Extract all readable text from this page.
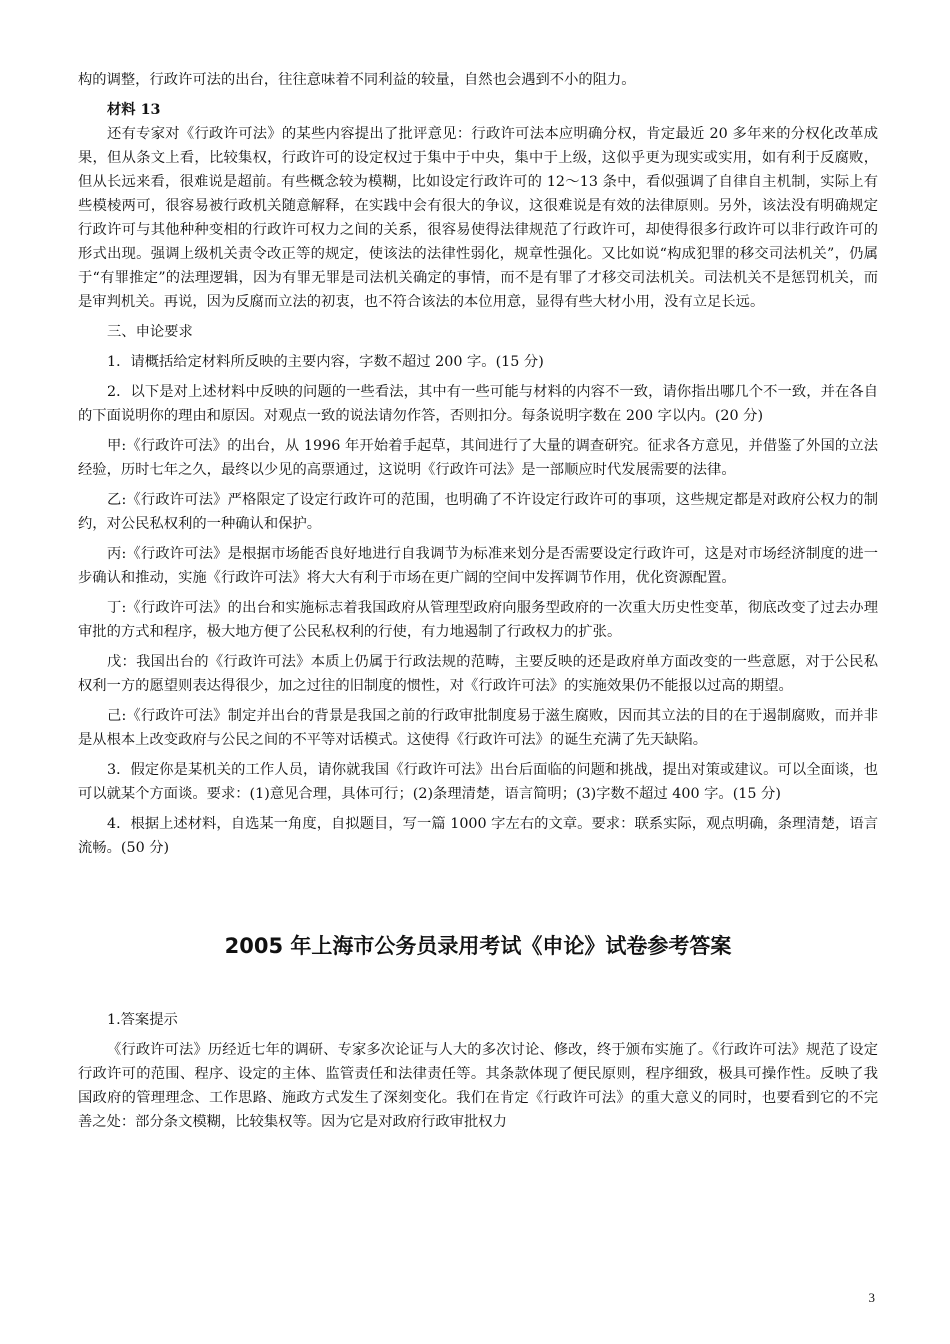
构的调整，行政许可法的出台，往往意味着不同利益的较量，自然也会遇到不小的阻力。

材料 13

还有专家对《行政许可法》的某些内容提出了批评意见：行政许可法本应明确分权，肯定最近 20 多年来的分权化改革成果，但从条文上看，比较集权，行政许可的设定权过于集中于中央，集中于上级，这似乎更为现实或实用，如有利于反腐败，但从长远来看，很难说是超前。有些概念较为模糊，比如设定行政许可的 12～13 条中，看似强调了自律自主机制，实际上有些模棱两可，很容易被行政机关随意解释，在实践中会有很大的争议，这很难说是有效的法律原则。另外，该法没有明确规定行政许可与其他种种变相的行政许可权力之间的关系，很容易使得法律规范了行政许可，却使得很多行政许可以非行政许可的形式出现。强调上级机关责令改正等的规定，使该法的法律性弱化，规章性强化。又比如说“构成犯罪的移交司法机关”，仍属于“有罪推定”的法理逻辑，因为有罪无罪是司法机关确定的事情，而不是有罪了才移交司法机关。司法机关不是惩罚机关，而是审判机关。再说，因为反腐而立法的初衷，也不符合该法的本位用意，显得有些大材小用，没有立足长远。

三、申论要求

1．请概括给定材料所反映的主要内容，字数不超过 200 字。(15 分)

2．以下是对上述材料中反映的问题的一些看法，其中有一些可能与材料的内容不一致，请你指出哪几个不一致，并在各自的下面说明你的理由和原因。对观点一致的说法请勿作答，否则扣分。每条说明字数在 200 字以内。(20 分)

甲:《行政许可法》的出台，从 1996 年开始着手起草，其间进行了大量的调查研究。征求各方意见，并借鉴了外国的立法经验，历时七年之久，最终以少见的高票通过，这说明《行政许可法》是一部顺应时代发展需要的法律。

乙:《行政许可法》严格限定了设定行政许可的范围，也明确了不许设定行政许可的事项，这些规定都是对政府公权力的制约，对公民私权利的一种确认和保护。

丙:《行政许可法》是根据市场能否良好地进行自我调节为标准来划分是否需要设定行政许可，这是对市场经济制度的进一步确认和推动，实施《行政许可法》将大大有利于市场在更广阔的空间中发挥调节作用，优化资源配置。

丁:《行政许可法》的出台和实施标志着我国政府从管理型政府向服务型政府的一次重大历史性变革，彻底改变了过去办理审批的方式和程序，极大地方便了公民私权利的行使，有力地遏制了行政权力的扩张。

戊：我国出台的《行政许可法》本质上仍属于行政法规的范畴，主要反映的还是政府单方面改变的一些意愿，对于公民私权利一方的愿望则表达得很少，加之过往的旧制度的惯性，对《行政许可法》的实施效果仍不能报以过高的期望。

己:《行政许可法》制定并出台的背景是我国之前的行政审批制度易于滋生腐败，因而其立法的目的在于遏制腐败，而并非是从根本上改变政府与公民之间的不平等对话模式。这使得《行政许可法》的诞生充满了先天缺陷。

3．假定你是某机关的工作人员，请你就我国《行政许可法》出台后面临的问题和挑战，提出对策或建议。可以全面谈，也可以就某个方面谈。要求：(1)意见合理，具体可行；(2)条理清楚，语言简明；(3)字数不超过 400 字。(15 分)

4．根据上述材料，自选某一角度，自拟题目，写一篇 1000 字左右的文章。要求：联系实际，观点明确，条理清楚，语言流畅。(50 分)

2005 年上海市公务员录用考试《申论》试卷参考答案

1.答案提示

《行政许可法》历经近七年的调研、专家多次论证与人大的多次讨论、修改，终于颁布实施了。《行政许可法》规范了设定行政许可的范围、程序、设定的主体、监管责任和法律责任等。其条款体现了便民原则，程序细致，极具可操作性。反映了我国政府的管理理念、工作思路、施政方式发生了深刻变化。我们在肯定《行政许可法》的重大意义的同时，也要看到它的不完善之处：部分条文模糊，比较集权等。因为它是对政府行政审批权力

3
